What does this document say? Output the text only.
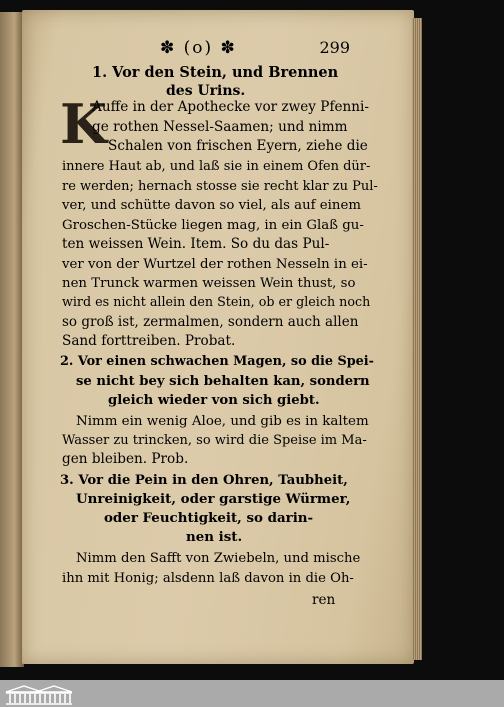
✽ (o) ✽	299
1. Vor den Stein, und Brennen
des Urins.
K
Auffe in der Apothecke vor zwey Pfenni-
ge rothen Nessel-Saamen; und nimm
Schalen von frischen Eyern, ziehe die
innere Haut ab, und laß sie in einem Ofen dür-
re werden; hernach stosse sie recht klar zu Pul-
ver, und schütte davon so viel, als auf einem
Groschen-Stücke liegen mag, in ein Glaß gu-
ten weissen Wein. Item. So du das Pul-
ver von der Wurtzel der rothen Nesseln in ei-
nen Trunck warmen weissen Wein thust, so
wird es nicht allein den Stein, ob er gleich noch
so groß ist, zermalmen, sondern auch allen
Sand forttreiben. Probat.
2. Vor einen schwachen Magen, so die Spei-
se nicht bey sich behalten kan, sondern
gleich wieder von sich giebt.
Nimm ein wenig Aloe, und gib es in kaltem
Wasser zu trincken, so wird die Speise im Ma-
gen bleiben. Prob.
3. Vor die Pein in den Ohren, Taubheit,
Unreinigkeit, oder garstige Würmer,
oder Feuchtigkeit, so darin-
nen ist.
Nimm den Safft von Zwiebeln, und mische
ihn mit Honig; alsdenn laß davon in die Oh-
ren
